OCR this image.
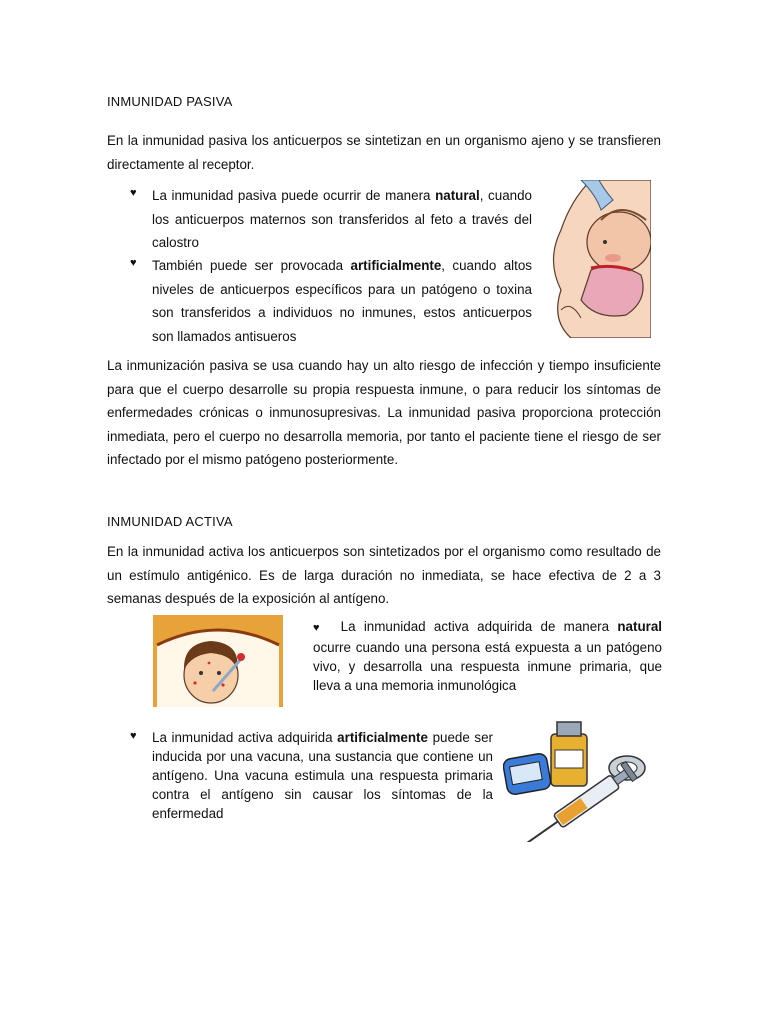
INMUNIDAD PASIVA
En la inmunidad pasiva los anticuerpos se sintetizan en un organismo ajeno y se transfieren directamente al receptor.
♥ La inmunidad pasiva puede ocurrir de manera natural, cuando los anticuerpos maternos son transferidos al feto a través del calostro
♥ También puede ser provocada artificialmente, cuando altos niveles de anticuerpos específicos para un patógeno o toxina son transferidos a individuos no inmunes, estos anticuerpos son llamados antisueros
La inmunización pasiva se usa cuando hay un alto riesgo de infección y tiempo insuficiente para que el cuerpo desarrolle su propia respuesta inmune, o para reducir los síntomas de enfermedades crónicas o inmunosupresivas. La inmunidad pasiva proporciona protección inmediata, pero el cuerpo no desarrolla memoria, por tanto el paciente tiene el riesgo de ser infectado por el mismo patógeno posteriormente.
INMUNIDAD ACTIVA
En la inmunidad activa los anticuerpos son sintetizados por el organismo como resultado de un estímulo antigénico. Es de larga duración no inmediata, se hace efectiva de 2 a 3 semanas después de la exposición al antígeno.
♥ La inmunidad activa adquirida de manera natural ocurre cuando una persona está expuesta a un patógeno vivo, y desarrolla una respuesta inmune primaria, que lleva a una memoria inmunológica
♥ La inmunidad activa adquirida artificialmente puede ser inducida por una vacuna, una sustancia que contiene un antígeno. Una vacuna estimula una respuesta primaria contra el antígeno sin causar los síntomas de la enfermedad
